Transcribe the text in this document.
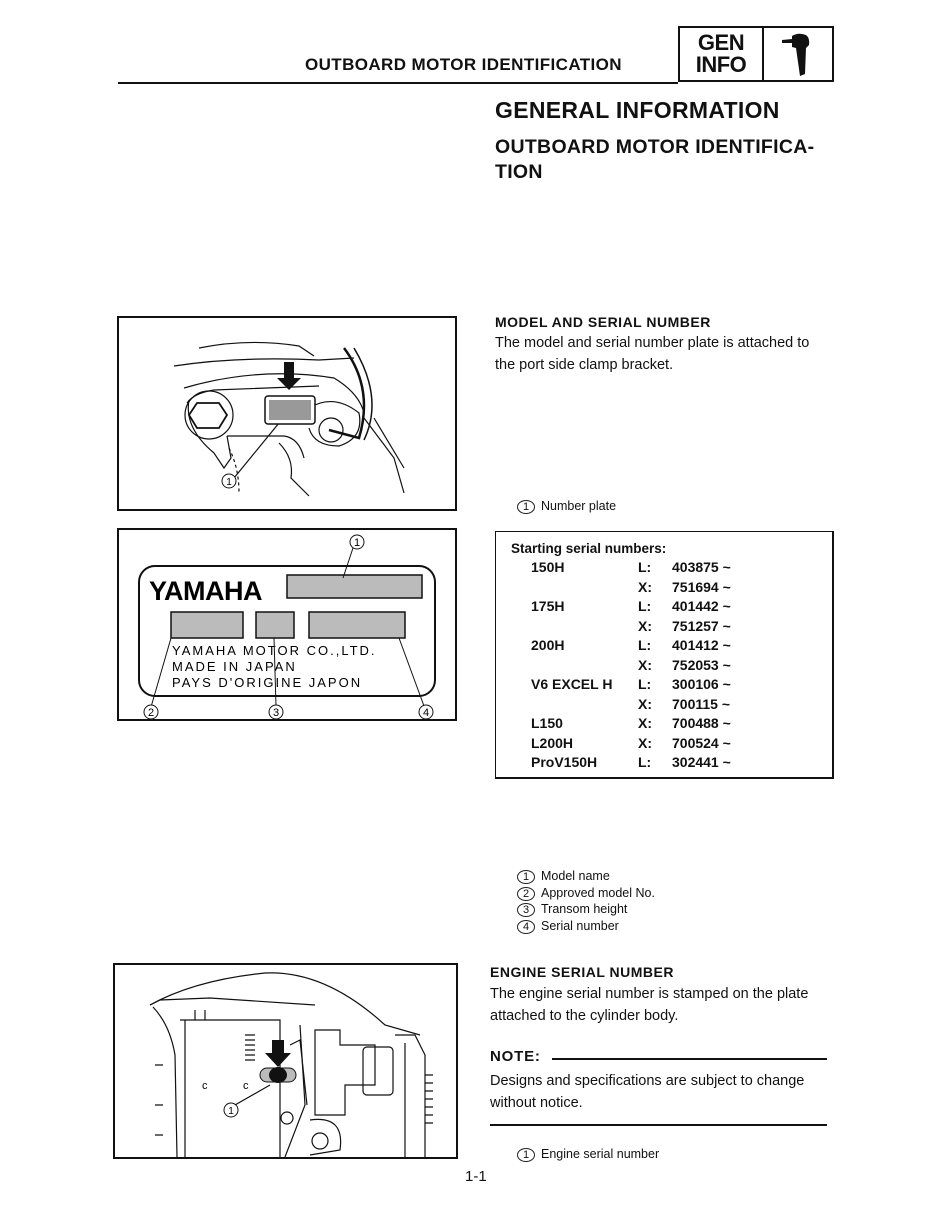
OUTBOARD MOTOR IDENTIFICATION
GEN
INFO
GENERAL INFORMATION
OUTBOARD MOTOR IDENTIFICA-
TION
MODEL AND SERIAL NUMBER
The model and serial number plate is attached to
the port side clamp bracket.
1 Number plate
1
YAMAHA
YAMAHA MOTOR CO.,LTD.
MADE IN JAPAN
PAYS D'ORIGINE JAPON
1
2	3	4
Starting serial numbers:
150H	L:	403875 ~
X:	751694 ~
175H	L:	401442 ~
X:	751257 ~
200H	L:	401412 ~
X:	752053 ~
V6 EXCEL H L:	300106 ~
X:	700115 ~
L150	X:	700488 ~
L200H	X:	700524 ~
ProV150H	L:	302441 ~
1 Model name
2 Approved model No.
3 Transom height
4 Serial number
ENGINE SERIAL NUMBER
The engine serial number is stamped on the plate
attached to the cylinder body.
NOTE:
Designs and specifications are subject to change
without notice.
1 Engine serial number
c	c
1
1-1
